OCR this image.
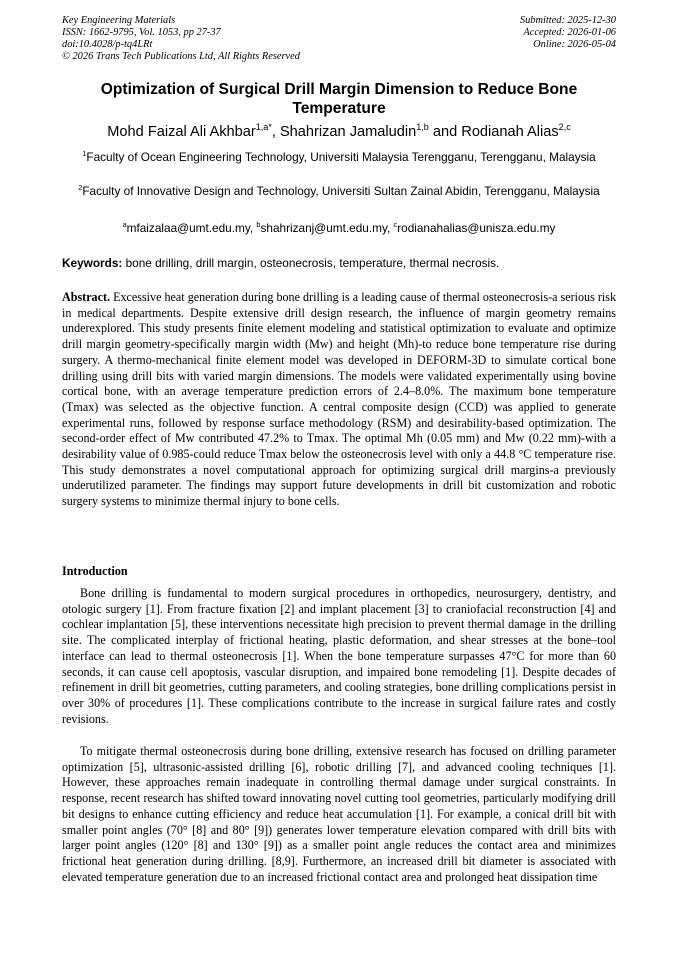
Key Engineering Materials
ISSN: 1662-9795, Vol. 1053, pp 27-37
doi:10.4028/p-tq4LRt
© 2026 Trans Tech Publications Ltd, All Rights Reserved
Submitted: 2025-12-30
Accepted: 2026-01-06
Online: 2026-05-04
Optimization of Surgical Drill Margin Dimension to Reduce Bone Temperature
Mohd Faizal Ali Akhbar$^{1,a*}$, Shahrizan Jamaludin$^{1,b}$ and Rodianah Alias$^{2,c}$
$^1$Faculty of Ocean Engineering Technology, Universiti Malaysia Terengganu, Terengganu, Malaysia
$^2$Faculty of Innovative Design and Technology, Universiti Sultan Zainal Abidin, Terengganu, Malaysia
$^a$mfaizalaa@umt.edu.my, $^b$shahrizanj@umt.edu.my, $^c$rodianahalias@unisza.edu.my
Keywords: bone drilling, drill margin, osteonecrosis, temperature, thermal necrosis.
Abstract. Excessive heat generation during bone drilling is a leading cause of thermal osteonecrosis-a serious risk in medical departments. Despite extensive drill design research, the influence of margin geometry remains underexplored. This study presents finite element modeling and statistical optimization to evaluate and optimize drill margin geometry-specifically margin width (Mw) and height (Mh)-to reduce bone temperature rise during surgery. A thermo-mechanical finite element model was developed in DEFORM-3D to simulate cortical bone drilling using drill bits with varied margin dimensions. The models were validated experimentally using bovine cortical bone, with an average temperature prediction errors of 2.4–8.0%. The maximum bone temperature (Tmax) was selected as the objective function. A central composite design (CCD) was applied to generate experimental runs, followed by response surface methodology (RSM) and desirability-based optimization. The second-order effect of Mw contributed 47.2% to Tmax. The optimal Mh (0.05 mm) and Mw (0.22 mm)-with a desirability value of 0.985-could reduce Tmax below the osteonecrosis level with only a 44.8 °C temperature rise. This study demonstrates a novel computational approach for optimizing surgical drill margins-a previously underutilized parameter. The findings may support future developments in drill bit customization and robotic surgery systems to minimize thermal injury to bone cells.
Introduction
Bone drilling is fundamental to modern surgical procedures in orthopedics, neurosurgery, dentistry, and otologic surgery [1]. From fracture fixation [2] and implant placement [3] to craniofacial reconstruction [4] and cochlear implantation [5], these interventions necessitate high precision to prevent thermal damage in the drilling site. The complicated interplay of frictional heating, plastic deformation, and shear stresses at the bone–tool interface can lead to thermal osteonecrosis [1]. When the bone temperature surpasses 47°C for more than 60 seconds, it can cause cell apoptosis, vascular disruption, and impaired bone remodeling [1]. Despite decades of refinement in drill bit geometries, cutting parameters, and cooling strategies, bone drilling complications persist in over 30% of procedures [1]. These complications contribute to the increase in surgical failure rates and costly revisions.
To mitigate thermal osteonecrosis during bone drilling, extensive research has focused on drilling parameter optimization [5], ultrasonic-assisted drilling [6], robotic drilling [7], and advanced cooling techniques [1]. However, these approaches remain inadequate in controlling thermal damage under surgical constraints. In response, recent research has shifted toward innovating novel cutting tool geometries, particularly modifying drill bit designs to enhance cutting efficiency and reduce heat accumulation [1]. For example, a conical drill bit with smaller point angles (70° [8] and 80° [9]) generates lower temperature elevation compared with drill bits with larger point angles (120° [8] and 130° [9]) as a smaller point angle reduces the contact area and minimizes frictional heat generation during drilling. [8,9]. Furthermore, an increased drill bit diameter is associated with elevated temperature generation due to an increased frictional contact area and prolonged heat dissipation time
